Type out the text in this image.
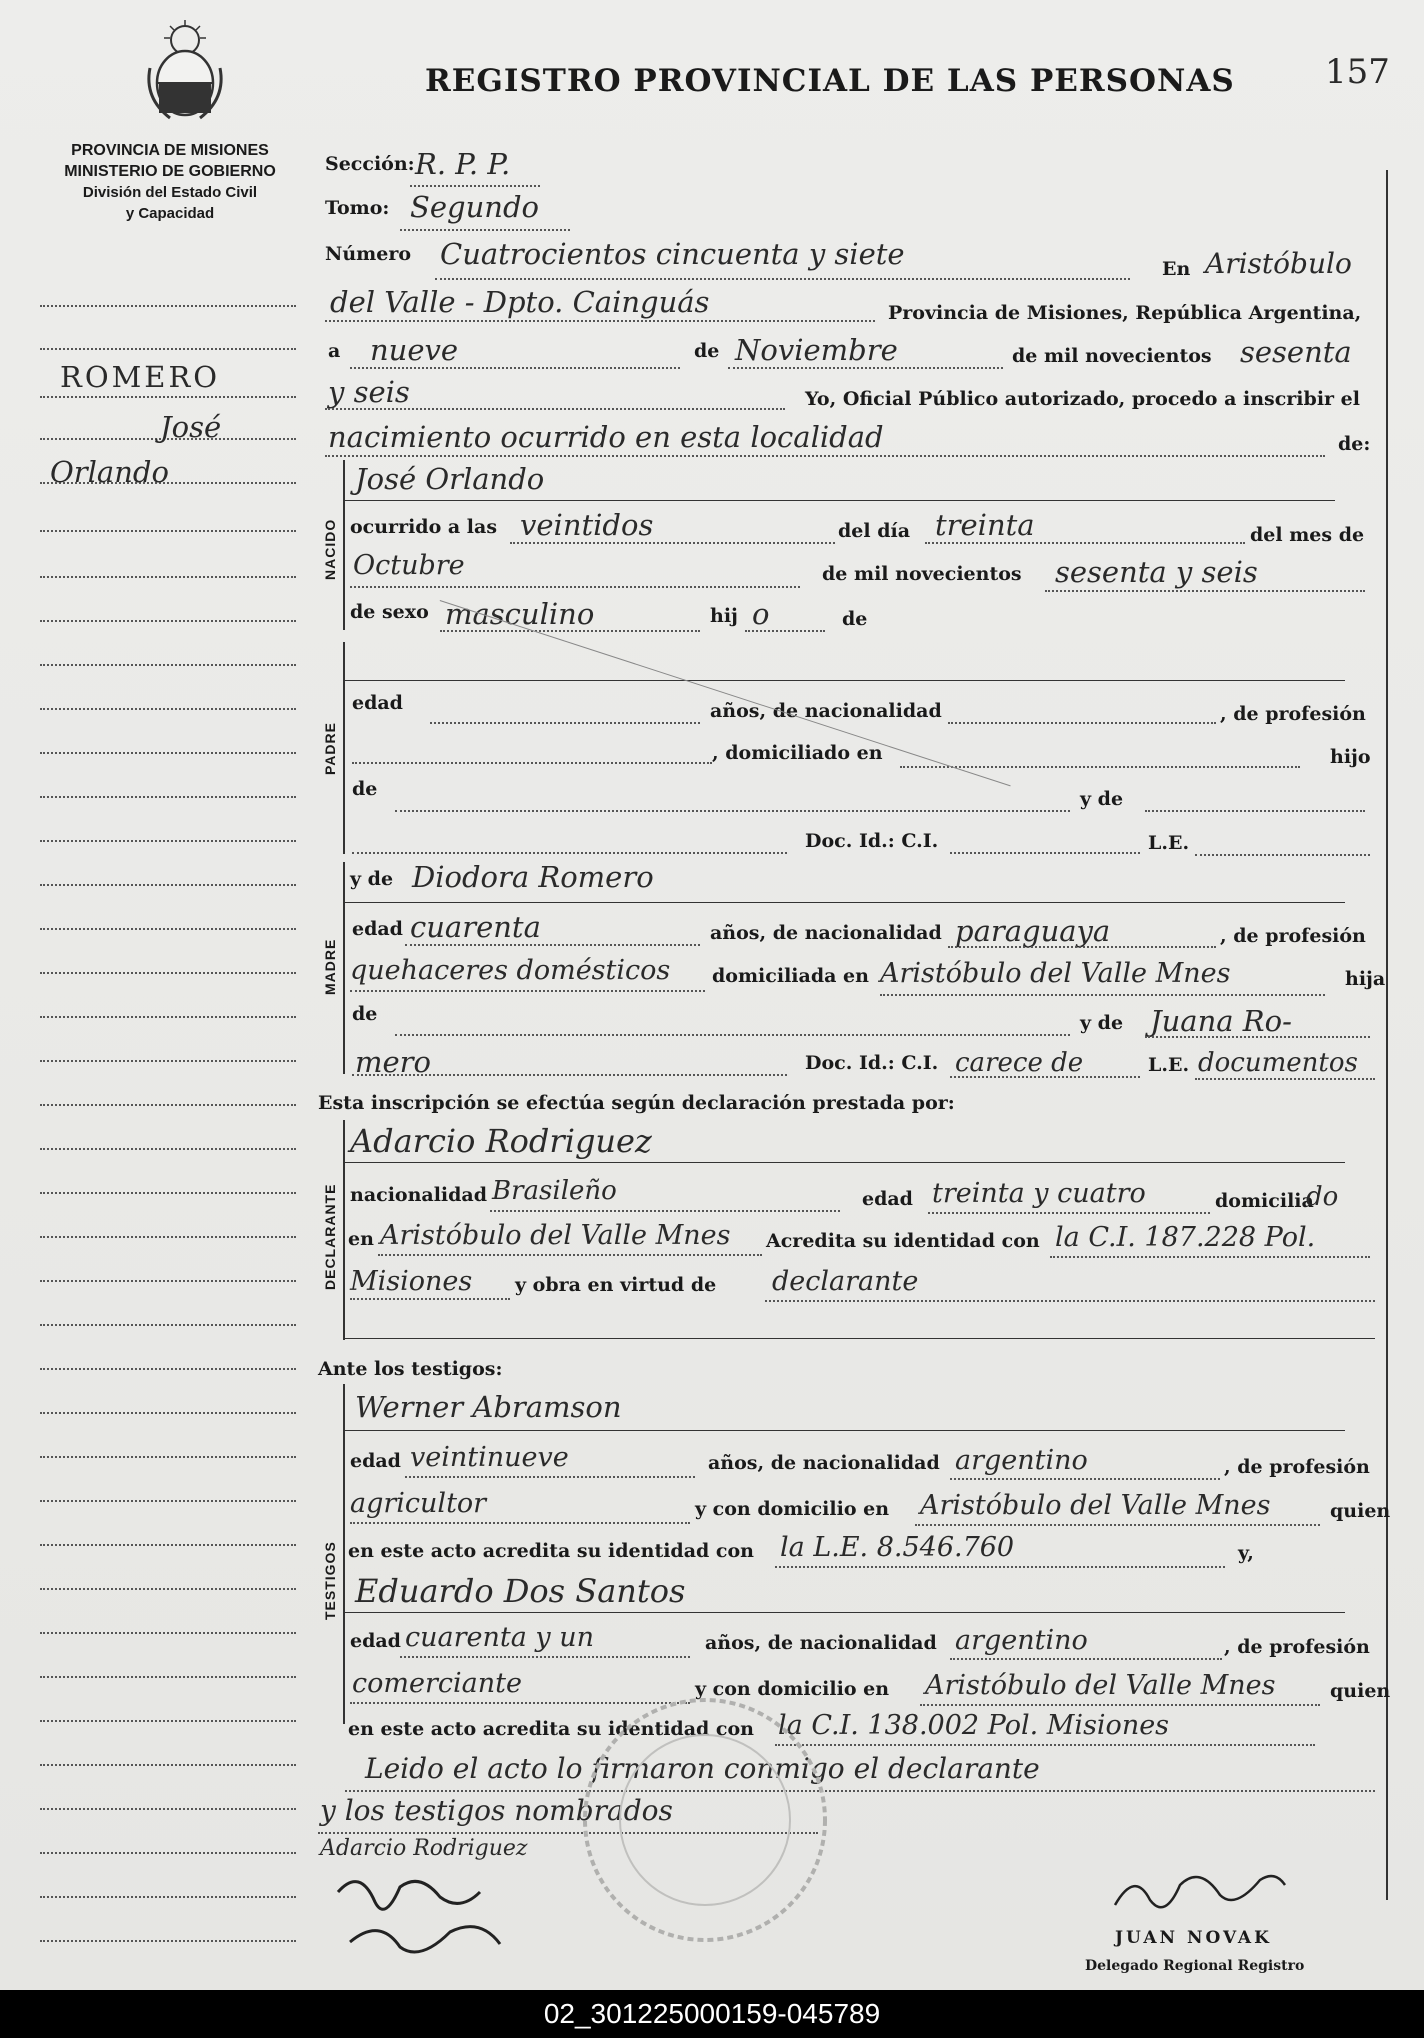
REGISTRO PROVINCIAL DE LAS PERSONAS	157
PROVINCIA DE MISIONES
MINISTERIO DE GOBIERNO
División del Estado Civil
y Capacidad
ROMERO
José
Orlando
Sección: R. P. P.
Tomo: Segundo
Número Cuatrocientos cincuenta y siete	En Aristóbulo
del Valle - Dpto. Cainguás	Provincia de Misiones, República Argentina,
a nueve	de Noviembre	de mil novecientos sesenta
y seis	Yo, Oficial Público autorizado, procedo a inscribir el
nacimiento ocurrido en esta localidad	de:
NACIDO
José Orlando
ocurrido a las veintidos	del día treinta	del mes de
Octubre	de mil novecientos sesenta y seis
de sexo masculino	hij o	de
PADRE
edad	años, de nacionalidad	, de profesión
, domiciliado en	hijo
de	y de
Doc. Id.: C.I.	L.E.
MADRE
y de Diodora Romero
edad cuarenta	años, de nacionalidad paraguaya	, de profesión
quehaceres domésticos domiciliada en Aristóbulo del Valle Mnes	hija
de	y de Juana Ro-
mero	Doc. Id.: C.I. carece de	L.E. documentos
Esta inscripción se efectúa según declaración prestada por:
DECLARANTE
Adarcio Rodriguez
nacionalidad Brasileño	edad treinta y cuatro	domicilia
do
en Aristóbulo del Valle Mnes Acredita su identidad con la C.I. 187.228 Pol.
Misiones y obra en virtud de declarante
Ante los testigos:
TESTIGOS
Werner Abramson
edad veintinueve	años, de nacionalidad argentino	, de profesión
agricultor	y con domicilio en Aristóbulo del Valle Mnes	quien
en este acto acredita su identidad con la L.E. 8.546.760	y,
Eduardo Dos Santos
edad cuarenta y un	años, de nacionalidad argentino	, de profesión
comerciante	y con domicilio en Aristóbulo del Valle Mnes	quien
en este acto acredita su identidad con la C.I. 138.002 Pol. Misiones
Leido el acto lo firmaron conmigo el declarante
y los testigos nombrados
Adarcio Rodriguez
JUAN NOVAK
Delegado Regional Registro
02_301225000159-045789
